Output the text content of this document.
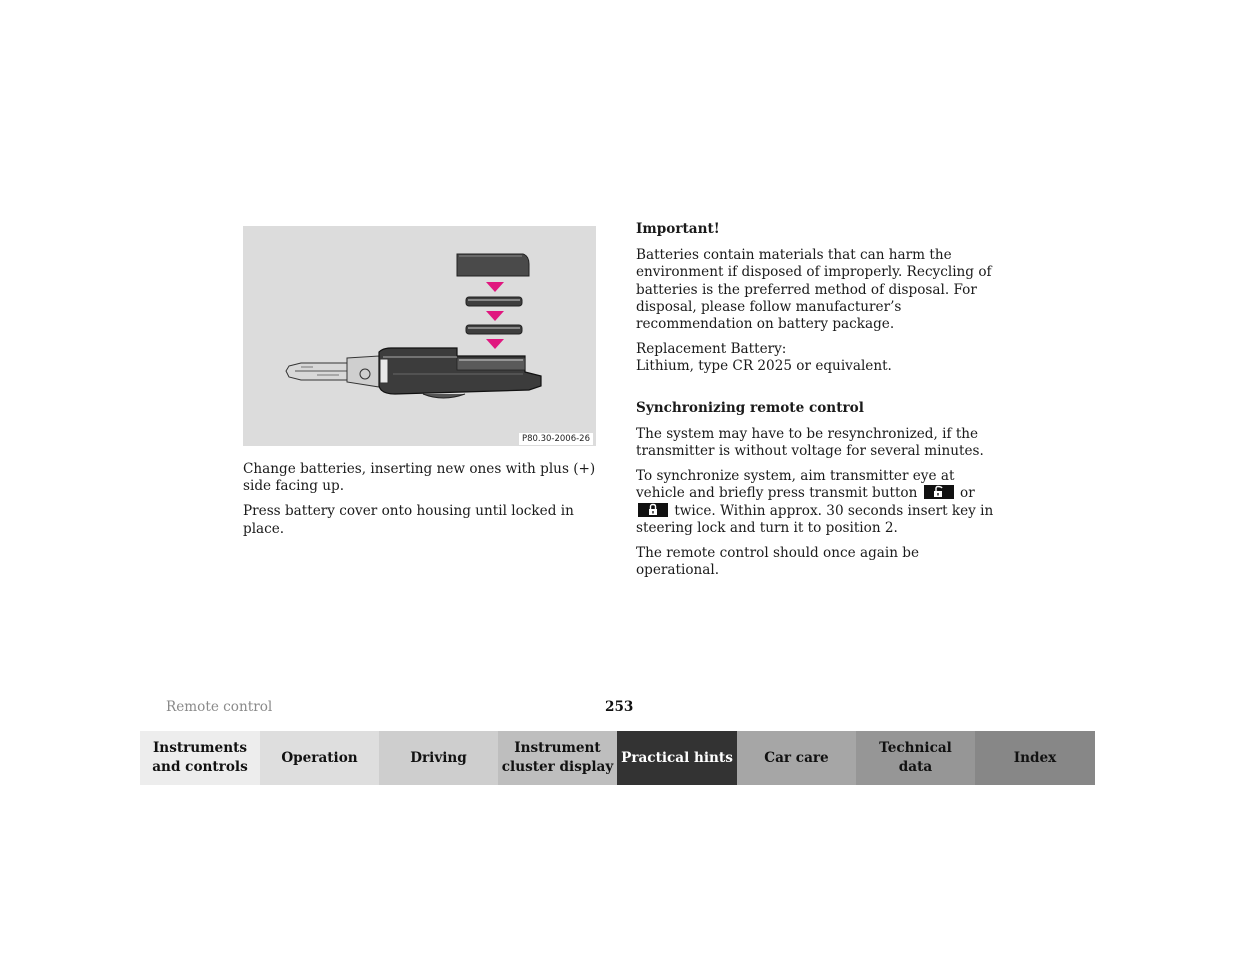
P80.30-2006-26

Change batteries, inserting new ones with plus (+) side facing up.

Press battery cover onto housing until locked in place.

Important!

Batteries contain materials that can harm the environment if disposed of improperly. Recycling of batteries is the preferred method of disposal. For disposal, please follow manufacturer’s recommendation on battery package.

Replacement Battery:
Lithium, type CR 2025 or equivalent.

Synchronizing remote control

The system may have to be resynchronized, if the transmitter is without voltage for several minutes.

To synchronize system, aim transmitter eye at vehicle and briefly press transmit button	or
twice. Within approx. 30 seconds insert key in steering lock and turn it to position 2.

The remote control should once again be operational.

Remote control	253
Instruments
and controls
Operation	Driving
Instrument
cluster display
Practical hints	Car care
Technical
data
Index
